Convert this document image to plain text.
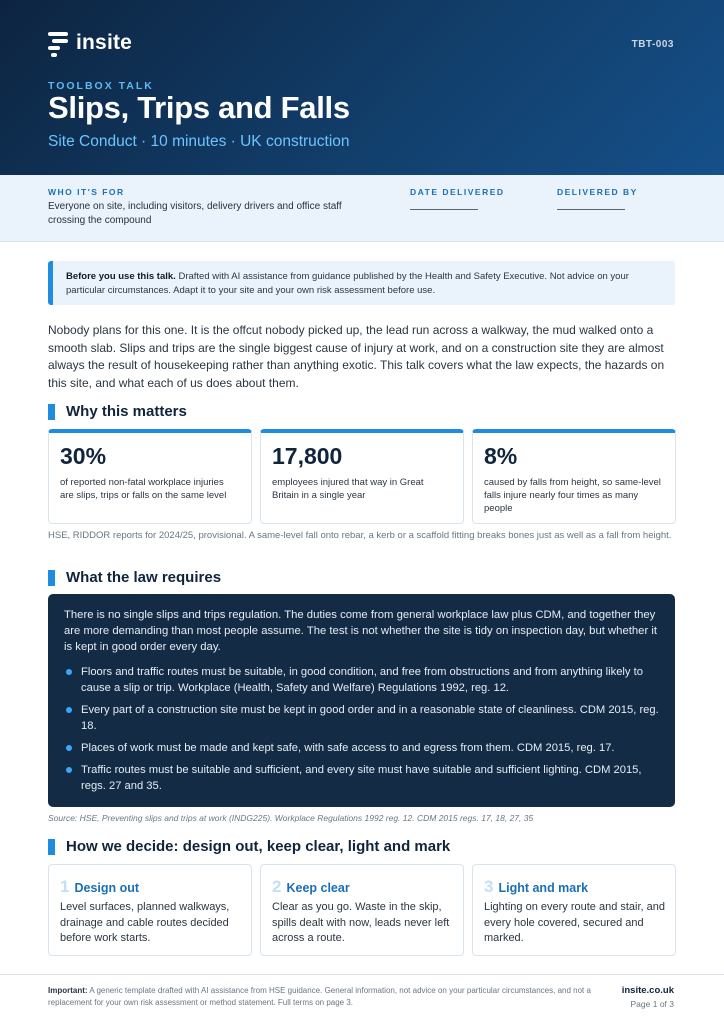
insite	TBT-003
TOOLBOX TALK
Slips, Trips and Falls
Site Conduct · 10 minutes · UK construction
WHO IT'S FOR
Everyone on site, including visitors, delivery drivers and office staff crossing the compound
DATE DELIVERED	DELIVERED BY
Before you use this talk. Drafted with AI assistance from guidance published by the Health and Safety Executive. Not advice on your particular circumstances. Adapt it to your site and your own risk assessment before use.

Nobody plans for this one. It is the offcut nobody picked up, the lead run across a walkway, the mud walked onto a smooth slab. Slips and trips are the single biggest cause of injury at work, and on a construction site they are almost always the result of housekeeping rather than anything exotic. This talk covers what the law expects, the hazards on this site, and what each of us does about them.

Why this matters
30%
of reported non-fatal workplace injuries are slips, trips or falls on the same level
17,800
employees injured that way in Great Britain in a single year
8%
caused by falls from height, so same-level falls injure nearly four times as many people
HSE, RIDDOR reports for 2024/25, provisional. A same-level fall onto rebar, a kerb or a scaffold fitting breaks bones just as well as a fall from height.
What the law requires

There is no single slips and trips regulation. The duties come from general workplace law plus CDM, and together they are more demanding than most people assume. The test is not whether the site is tidy on inspection day, but whether it is kept in good order every day.

Floors and traffic routes must be suitable, in good condition, and free from obstructions and from anything likely to cause a slip or trip. Workplace (Health, Safety and Welfare) Regulations 1992, reg. 12.
Every part of a construction site must be kept in good order and in a reasonable state of cleanliness. CDM 2015, reg. 18.
Places of work must be made and kept safe, with safe access to and egress from them. CDM 2015, reg. 17.
Traffic routes must be suitable and sufficient, and every site must have suitable and sufficient lighting. CDM 2015, regs. 27 and 35.
Source: HSE, Preventing slips and trips at work (INDG225). Workplace Regulations 1992 reg. 12. CDM 2015 regs. 17, 18, 27, 35
How we decide: design out, keep clear, light and mark
1 Design out
Level surfaces, planned walkways, drainage and cable routes decided before work starts.
2 Keep clear
Clear as you go. Waste in the skip, spills dealt with now, leads never left across a route.
3 Light and mark
Lighting on every route and stair, and every hole covered, secured and marked.
Important: A generic template drafted with AI assistance from HSE guidance. General information, not advice on your particular circumstances, and not a replacement for your own risk assessment or method statement. Full terms on page 3.
insite.co.uk
Page 1 of 3
